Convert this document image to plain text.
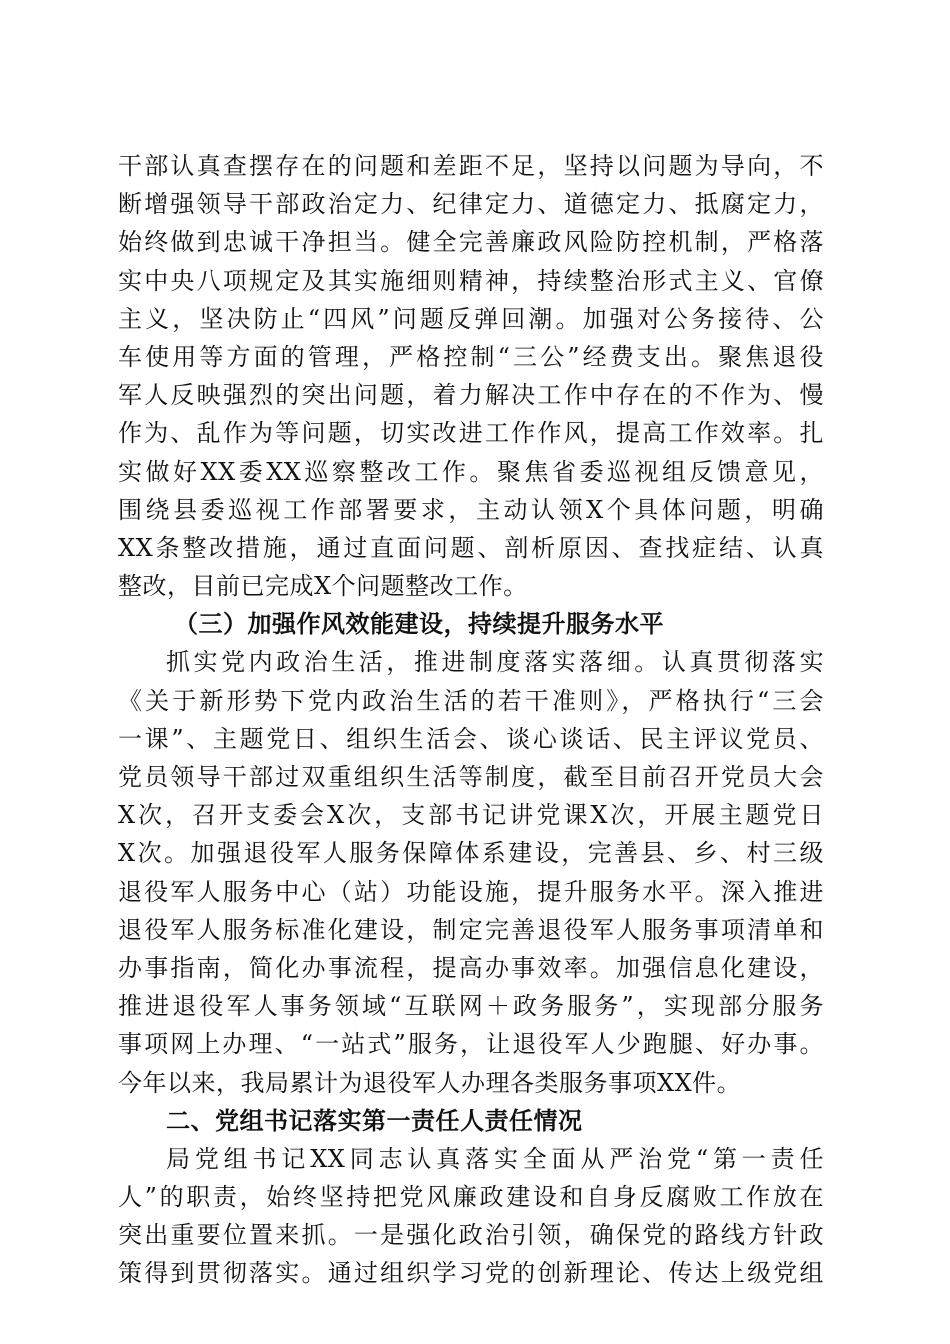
干部认真查摆存在的问题和差距不足，坚持以问题为导向，不
断增强领导干部政治定力、纪律定力、道德定力、抵腐定力，
始终做到忠诚干净担当。健全完善廉政风险防控机制，严格落
实中央八项规定及其实施细则精神，持续整治形式主义、官僚
主义，坚决防止“四风”问题反弹回潮。加强对公务接待、公
车使用等方面的管理，严格控制“三公”经费支出。聚焦退役
军人反映强烈的突出问题，着力解决工作中存在的不作为、慢
作为、乱作为等问题，切实改进工作作风，提高工作效率。扎
实做好XX委XX巡察整改工作。聚焦省委巡视组反馈意见，
围绕县委巡视工作部署要求，主动认领X个具体问题，明确
XX条整改措施，通过直面问题、剖析原因、查找症结、认真
整改，目前已完成X个问题整改工作。
（三）加强作风效能建设，持续提升服务水平
抓实党内政治生活，推进制度落实落细。认真贯彻落实
《关于新形势下党内政治生活的若干准则》，严格执行“三会
一课”、主题党日、组织生活会、谈心谈话、民主评议党员、
党员领导干部过双重组织生活等制度，截至目前召开党员大会
X次，召开支委会X次，支部书记讲党课X次，开展主题党日
X次。加强退役军人服务保障体系建设，完善县、乡、村三级
退役军人服务中心（站）功能设施，提升服务水平。深入推进
退役军人服务标准化建设，制定完善退役军人服务事项清单和
办事指南，简化办事流程，提高办事效率。加强信息化建设，
推进退役军人事务领域“互联网＋政务服务”，实现部分服务
事项网上办理、“一站式”服务，让退役军人少跑腿、好办事。
今年以来，我局累计为退役军人办理各类服务事项XX件。
二、党组书记落实第一责任人责任情况
局党组书记XX同志认真落实全面从严治党“第一责任
人”的职责，始终坚持把党风廉政建设和自身反腐败工作放在
突出重要位置来抓。一是强化政治引领，确保党的路线方针政
策得到贯彻落实。通过组织学习党的创新理论、传达上级党组
